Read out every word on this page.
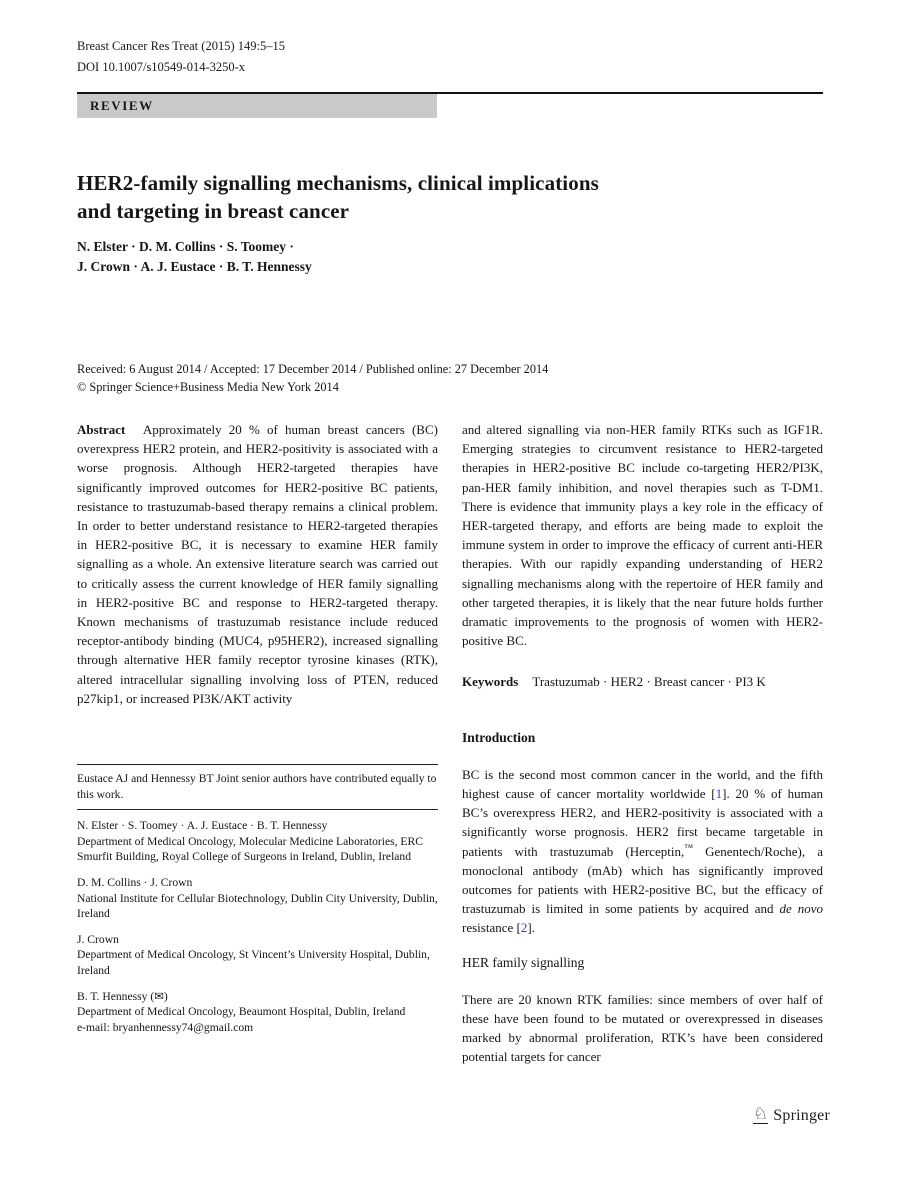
Breast Cancer Res Treat (2015) 149:5–15
DOI 10.1007/s10549-014-3250-x
REVIEW
HER2-family signalling mechanisms, clinical implications
and targeting in breast cancer
N. Elster · D. M. Collins · S. Toomey ·
J. Crown · A. J. Eustace · B. T. Hennessy
Received: 6 August 2014 / Accepted: 17 December 2014 / Published online: 27 December 2014
© Springer Science+Business Media New York 2014

Abstract Approximately 20 % of human breast cancers (BC) overexpress HER2 protein, and HER2-positivity is associated with a worse prognosis. Although HER2-targeted therapies have significantly improved outcomes for HER2-positive BC patients, resistance to trastuzumab-based therapy remains a clinical problem. In order to better understand resistance to HER2-targeted therapies in HER2-positive BC, it is necessary to examine HER family signalling as a whole. An extensive literature search was carried out to critically assess the current knowledge of HER family signalling in HER2-positive BC and response to HER2-targeted therapy. Known mechanisms of trastuzumab resistance include reduced receptor-antibody binding (MUC4, p95HER2), increased signalling through alternative HER family receptor tyrosine kinases (RTK), altered intracellular signalling involving loss of PTEN, reduced p27kip1, or increased PI3K/AKT activity

Eustace AJ and Hennessy BT Joint senior authors have contributed equally to this work.

N. Elster · S. Toomey · A. J. Eustace · B. T. Hennessy
Department of Medical Oncology, Molecular Medicine Laboratories, ERC Smurfit Building, Royal College of Surgeons in Ireland, Dublin, Ireland
D. M. Collins · J. Crown
National Institute for Cellular Biotechnology, Dublin City University, Dublin, Ireland
J. Crown
Department of Medical Oncology, St Vincent’s University Hospital, Dublin, Ireland
B. T. Hennessy (✉)
Department of Medical Oncology, Beaumont Hospital, Dublin, Ireland
e-mail: bryanhennessy74@gmail.com

and altered signalling via non-HER family RTKs such as IGF1R. Emerging strategies to circumvent resistance to HER2-targeted therapies in HER2-positive BC include co-targeting HER2/PI3K, pan-HER family inhibition, and novel therapies such as T-DM1. There is evidence that immunity plays a key role in the efficacy of HER-targeted therapy, and efforts are being made to exploit the immune system in order to improve the efficacy of current anti-HER therapies. With our rapidly expanding understanding of HER2 signalling mechanisms along with the repertoire of HER family and other targeted therapies, it is likely that the near future holds further dramatic improvements to the prognosis of women with HER2-positive BC.

Keywords Trastuzumab · HER2 · Breast cancer · PI3 K

Introduction

BC is the second most common cancer in the world, and the fifth highest cause of cancer mortality worldwide [1]. 20 % of human BC’s overexpress HER2, and HER2-positivity is associated with a significantly worse prognosis. HER2 first became targetable in patients with trastuzumab (Herceptin,™ Genentech/Roche), a monoclonal antibody (mAb) which has significantly improved outcomes for patients with HER2-positive BC, but the efficacy of trastuzumab is limited in some patients by acquired and de novo resistance [2].

HER family signalling

There are 20 known RTK families: since members of over half of these have been found to be mutated or overexpressed in diseases marked by abnormal proliferation, RTK’s have been considered potential targets for cancer

♘ Springer
